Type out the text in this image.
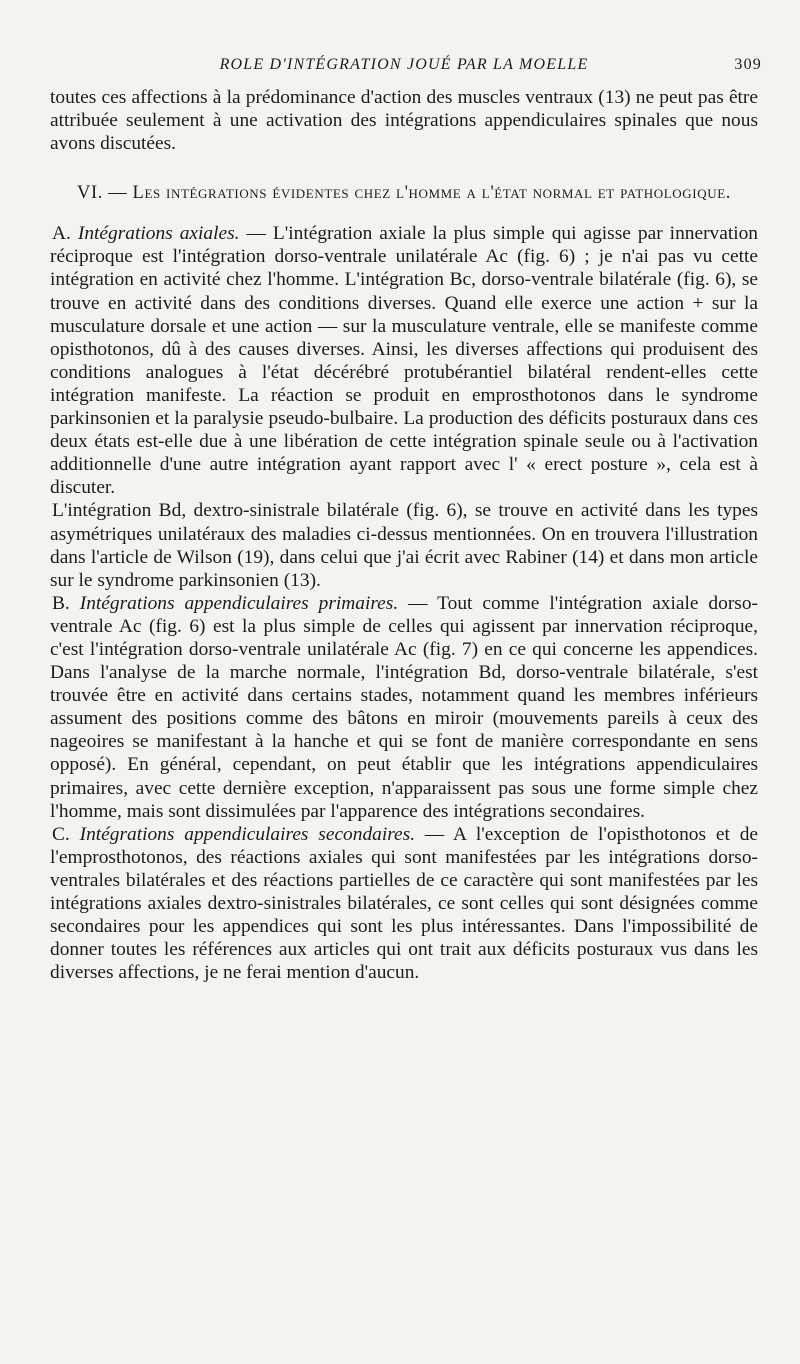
ROLE D'INTÉGRATION JOUÉ PAR LA MOELLE	309

toutes ces affections à la prédominance d'action des muscles ventraux (13) ne peut pas être attribuée seulement à une activation des intégrations appendiculaires spinales que nous avons discutées.

VI. — Les intégrations évidentes chez l'homme a l'état normal et pathologique.

A. Intégrations axiales. — L'intégration axiale la plus simple qui agisse par innervation réciproque est l'intégration dorso-ventrale unilatérale Ac (fig. 6) ; je n'ai pas vu cette intégration en activité chez l'homme. L'intégration Bc, dorso-ventrale bilatérale (fig. 6), se trouve en activité dans des conditions diverses. Quand elle exerce une action + sur la musculature dorsale et une action — sur la musculature ventrale, elle se manifeste comme opisthotonos, dû à des causes diverses. Ainsi, les diverses affections qui produisent des conditions analogues à l'état décérébré protubérantiel bilatéral rendent-elles cette intégration manifeste. La réaction se produit en emprosthotonos dans le syndrome parkinsonien et la paralysie pseudo-bulbaire. La production des déficits posturaux dans ces deux états est-elle due à une libération de cette intégration spinale seule ou à l'activation additionnelle d'une autre intégration ayant rapport avec l' « erect posture », cela est à discuter.

L'intégration Bd, dextro-sinistrale bilatérale (fig. 6), se trouve en activité dans les types asymétriques unilatéraux des maladies ci-dessus mentionnées. On en trouvera l'illustration dans l'article de Wilson (19), dans celui que j'ai écrit avec Rabiner (14) et dans mon article sur le syndrome parkinsonien (13).

B. Intégrations appendiculaires primaires. — Tout comme l'intégration axiale dorso-ventrale Ac (fig. 6) est la plus simple de celles qui agissent par innervation réciproque, c'est l'intégration dorso-ventrale unilatérale Ac (fig. 7) en ce qui concerne les appendices. Dans l'analyse de la marche normale, l'intégration Bd, dorso-ventrale bilatérale, s'est trouvée être en activité dans certains stades, notamment quand les membres inférieurs assument des positions comme des bâtons en miroir (mouvements pareils à ceux des nageoires se manifestant à la hanche et qui se font de manière correspondante en sens opposé). En général, cependant, on peut établir que les intégrations appendiculaires primaires, avec cette dernière exception, n'apparaissent pas sous une forme simple chez l'homme, mais sont dissimulées par l'apparence des intégrations secondaires.

C. Intégrations appendiculaires secondaires. — A l'exception de l'opisthotonos et de l'emprosthotonos, des réactions axiales qui sont manifestées par les intégrations dorso-ventrales bilatérales et des réactions partielles de ce caractère qui sont manifestées par les intégrations axiales dextro-sinistrales bilatérales, ce sont celles qui sont désignées comme secondaires pour les appendices qui sont les plus intéressantes. Dans l'impossibilité de donner toutes les références aux articles qui ont trait aux déficits posturaux vus dans les diverses affections, je ne ferai mention d'aucun.
